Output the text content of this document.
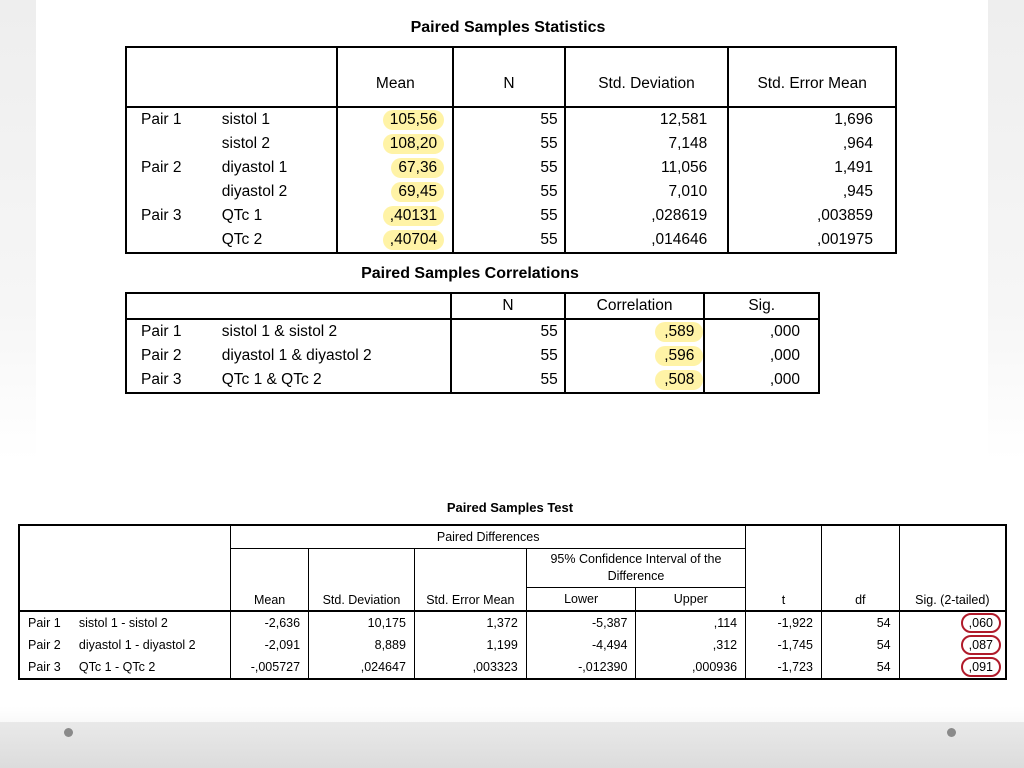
Paired Samples Statistics
		Mean	N	Std. Deviation	Std. Error Mean
Pair 1	sistol 1	105,56	55	12,581	1,696
	sistol 2	108,20	55	7,148	,964
Pair 2	diyastol 1	67,36	55	11,056	1,491
	diyastol 2	69,45	55	7,010	,945
Pair 3	QTc 1	,40131	55	,028619	,003859
	QTc 2	,40704	55	,014646	,001975
Paired Samples Correlations
		N	Correlation	Sig.
Pair 1	sistol 1 & sistol 2	55	,589	,000
Pair 2	diyastol 1 & diyastol 2	55	,596	,000
Pair 3	QTc 1 & QTc 2	55	,508	,000
Paired Samples Test
		Paired Differences					t	df	Sig. (2-tailed)
		Mean	Std. Deviation	Std. Error Mean	95% Confidence Interval of the Difference				
					Lower	Upper			
Pair 1	sistol 1 - sistol 2	-2,636	10,175	1,372	-5,387	,114	-1,922	54	,060
Pair 2	diyastol 1 - diyastol 2	-2,091	8,889	1,199	-4,494	,312	-1,745	54	,087
Pair 3	QTc 1 - QTc 2	-,005727	,024647	,003323	-,012390	,000936	-1,723	54	,091
